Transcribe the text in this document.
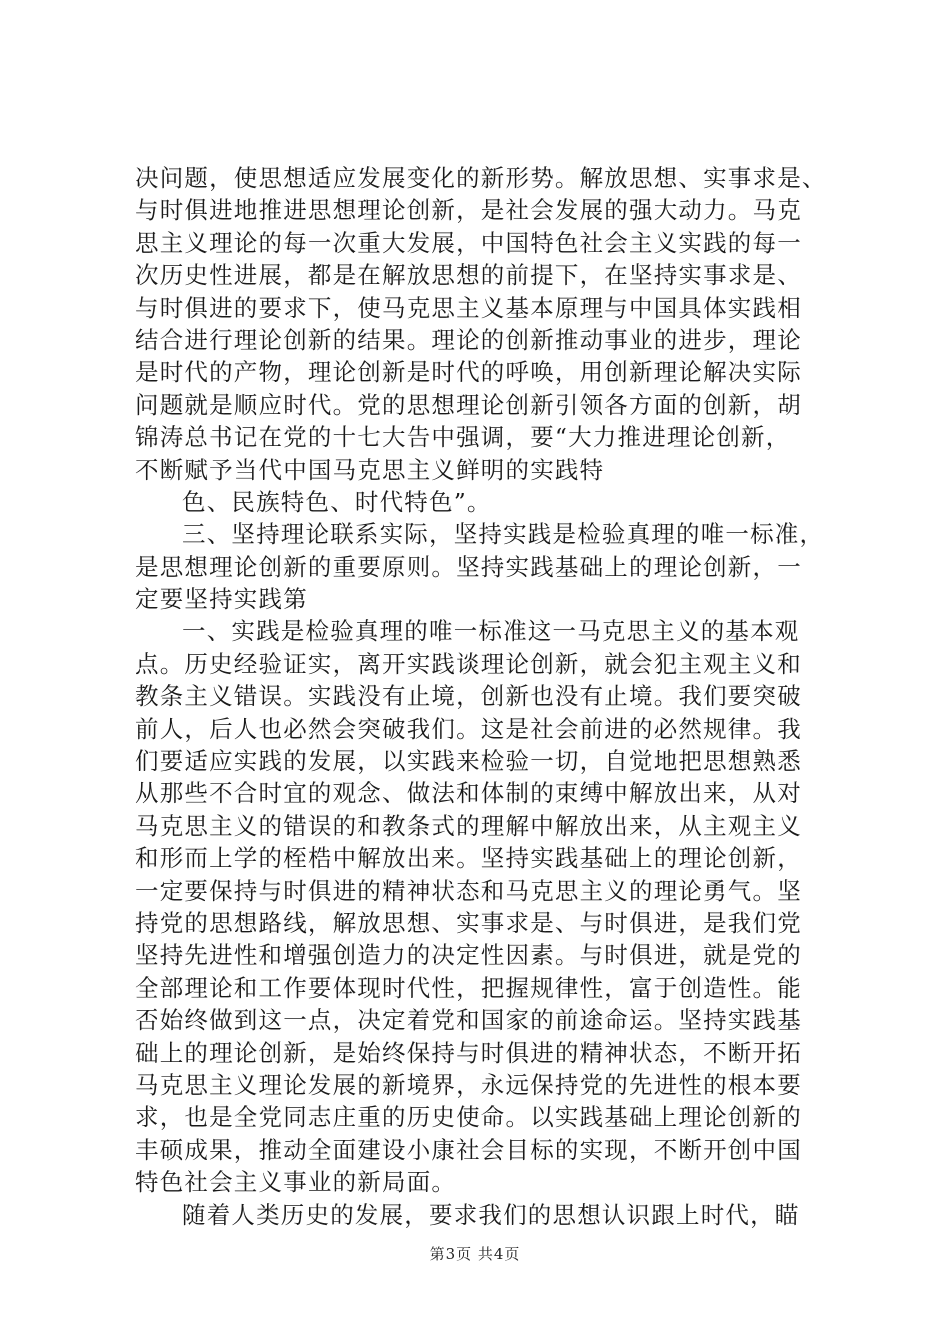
决问题，使思想适应发展变化的新形势。解放思想、实事求是、
与时俱进地推进思想理论创新，是社会发展的强大动力。马克
思主义理论的每一次重大发展，中国特色社会主义实践的每一
次历史性进展，都是在解放思想的前提下，在坚持实事求是、
与时俱进的要求下，使马克思主义基本原理与中国具体实践相
结合进行理论创新的结果。理论的创新推动事业的进步，理论
是时代的产物，理论创新是时代的呼唤，用创新理论解决实际
问题就是顺应时代。党的思想理论创新引领各方面的创新，胡
锦涛总书记在党的十七大告中强调，要“大力推进理论创新，
不断赋予当代中国马克思主义鲜明的实践特
色、民族特色、时代特色”。
三、坚持理论联系实际，坚持实践是检验真理的唯一标准，
是思想理论创新的重要原则。坚持实践基础上的理论创新，一
定要坚持实践第
一、实践是检验真理的唯一标准这一马克思主义的基本观
点。历史经验证实，离开实践谈理论创新，就会犯主观主义和
教条主义错误。实践没有止境，创新也没有止境。我们要突破
前人，后人也必然会突破我们。这是社会前进的必然规律。我
们要适应实践的发展，以实践来检验一切，自觉地把思想熟悉
从那些不合时宜的观念、做法和体制的束缚中解放出来，从对
马克思主义的错误的和教条式的理解中解放出来，从主观主义
和形而上学的桎梏中解放出来。坚持实践基础上的理论创新，
一定要保持与时俱进的精神状态和马克思主义的理论勇气。坚
持党的思想路线，解放思想、实事求是、与时俱进，是我们党
坚持先进性和增强创造力的决定性因素。与时俱进，就是党的
全部理论和工作要体现时代性，把握规律性，富于创造性。能
否始终做到这一点，决定着党和国家的前途命运。坚持实践基
础上的理论创新，是始终保持与时俱进的精神状态，不断开拓
马克思主义理论发展的新境界，永远保持党的先进性的根本要
求，也是全党同志庄重的历史使命。以实践基础上理论创新的
丰硕成果，推动全面建设小康社会目标的实现，不断开创中国
特色社会主义事业的新局面。
随着人类历史的发展，要求我们的思想认识跟上时代，瞄
第3页 共4页
